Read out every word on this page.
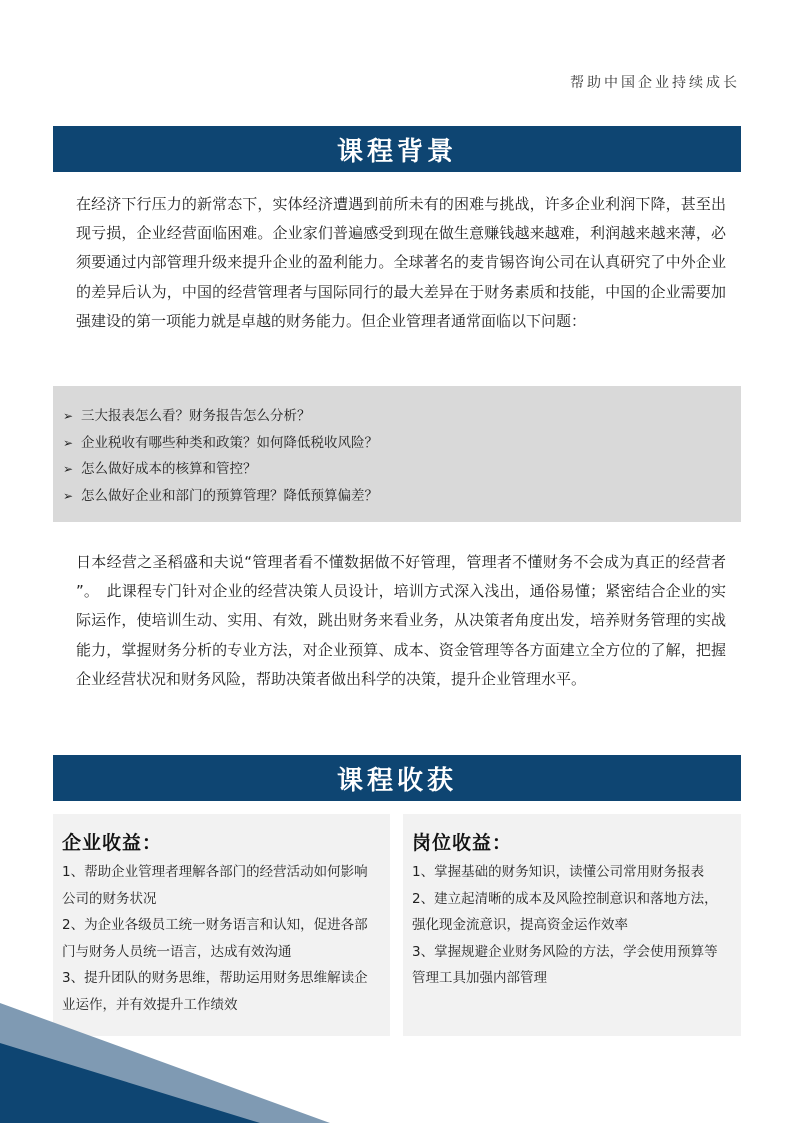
帮助中国企业持续成长
课程背景
在经济下行压力的新常态下，实体经济遭遇到前所未有的困难与挑战，许多企业利润下降，甚至出现亏损，企业经营面临困难。企业家们普遍感受到现在做生意赚钱越来越难，利润越来越来薄，必须要通过内部管理升级来提升企业的盈利能力。全球著名的麦肯锡咨询公司在认真研究了中外企业的差异后认为，中国的经营管理者与国际同行的最大差异在于财务素质和技能，中国的企业需要加强建设的第一项能力就是卓越的财务能力。但企业管理者通常面临以下问题：
➢ 三大报表怎么看？财务报告怎么分析？
➢ 企业税收有哪些种类和政策？如何降低税收风险？
➢ 怎么做好成本的核算和管控？
➢ 怎么做好企业和部门的预算管理？降低预算偏差？
日本经营之圣稻盛和夫说“管理者看不懂数据做不好管理，管理者不懂财务不会成为真正的经营者 ”。　此课程专门针对企业的经营决策人员设计，培训方式深入浅出，通俗易懂；紧密结合企业的实际运作，使培训生动、实用、有效，跳出财务来看业务，从决策者角度出发，培养财务管理的实战能力，掌握财务分析的专业方法，对企业预算、成本、资金管理等各方面建立全方位的了解，把握企业经营状况和财务风险，帮助决策者做出科学的决策，提升企业管理水平。
课程收获
企业收益：
1、帮助企业管理者理解各部门的经营活动如何影响公司的财务状况
2、为企业各级员工统一财务语言和认知，促进各部门与财务人员统一语言，达成有效沟通
3、提升团队的财务思维，帮助运用财务思维解读企业运作，并有效提升工作绩效
岗位收益：
1、掌握基础的财务知识，读懂公司常用财务报表
2、建立起清晰的成本及风险控制意识和落地方法，强化现金流意识，提高资金运作效率
3、掌握规避企业财务风险的方法，学会使用预算等管理工具加强内部管理
